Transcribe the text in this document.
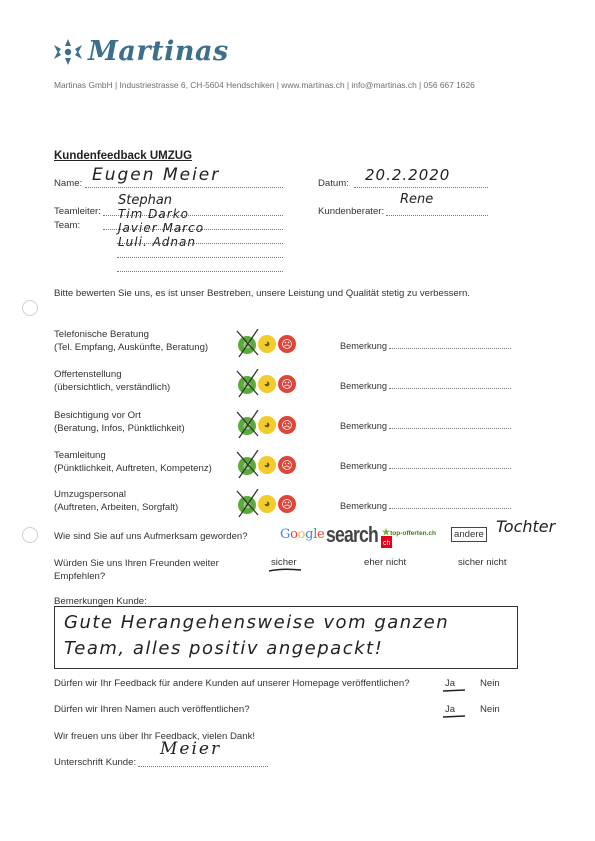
Martinas
Martinas GmbH | Industriestrasse 6, CH-5604 Hendschiken | www.martinas.ch | info@martinas.ch | 056 667 1626
Kundenfeedback UMZUG
Name: Eugen Meier	Datum: 20.2.2020
Teamleiter:
Stephan
Kundenberater:
Rene
Team:
Tim Darko
Javier Marco
Luli. Adnan
Bitte bewerten Sie uns, es ist unser Bestreben, unsere Leistung und Qualität stetig zu verbessern.
Telefonische Beratung
(Tel. Empfang, Auskünfte, Beratung)	☺	◕ ☹	Bemerkung
Offertenstellung
(übersichtlich, verständlich)	☺	◕ ☹	Bemerkung
Besichtigung vor Ort
(Beratung, Infos, Pünktlichkeit)	☺	◕ ☹	Bemerkung
Teamleitung
(Pünktlichkeit, Auftreten, Kompetenz)	☺	◕ ☹	Bemerkung
Umzugspersonal
(Auftreten, Arbeiten, Sorgfalt)	☺	◕ ☹	Bemerkung
Wie sind Sie auf uns Aufmerksam geworden? Google search ch
★top-offerten.ch	andere Tochter
Würden Sie uns Ihren Freunden weiter
Empfehlen?
sicher	eher nicht	sicher nicht
Bemerkungen Kunde:
Gute Herangehensweise vom ganzen
Team, alles positiv angepackt!
Dürfen wir Ihr Feedback für andere Kunden auf unserer Homepage veröffentlichen?	Ja	Nein
Dürfen wir Ihren Namen auch veröffentlichen?	Ja	Nein
Wir freuen uns über Ihr Feedback, vielen Dank!
Unterschrift Kunde:
Meier
